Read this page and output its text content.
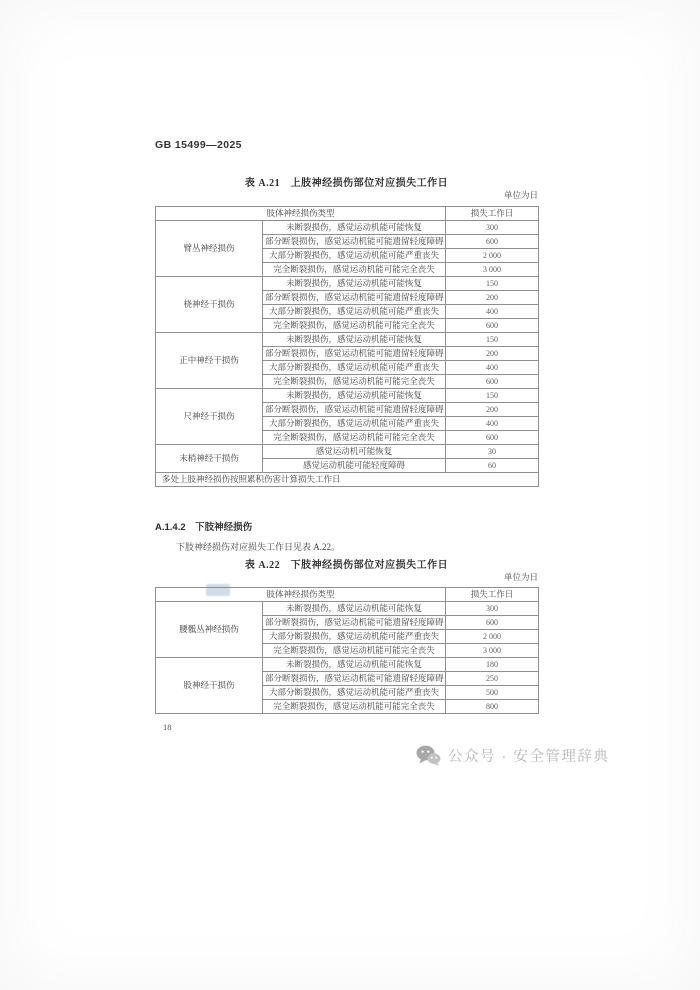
GB 15499—2025
表 A.21　上肢神经损伤部位对应损失工作日
单位为日
肢体神经损伤类型		损失工作日
臂丛神经损伤	未断裂损伤，感觉运动机能可能恢复	300
	部分断裂损伤，感觉运动机能可能遗留轻度障碍	600
	大部分断裂损伤，感觉运动机能可能严重丧失	2 000
	完全断裂损伤，感觉运动机能可能完全丧失	3 000
桡神经干损伤	未断裂损伤，感觉运动机能可能恢复	150
	部分断裂损伤，感觉运动机能可能遗留轻度障碍	200
	大部分断裂损伤，感觉运动机能可能严重丧失	400
	完全断裂损伤，感觉运动机能可能完全丧失	600
正中神经干损伤	未断裂损伤，感觉运动机能可能恢复	150
	部分断裂损伤，感觉运动机能可能遗留轻度障碍	200
	大部分断裂损伤，感觉运动机能可能严重丧失	400
	完全断裂损伤，感觉运动机能可能完全丧失	600
尺神经干损伤	未断裂损伤，感觉运动机能可能恢复	150
	部分断裂损伤，感觉运动机能可能遗留轻度障碍	200
	大部分断裂损伤，感觉运动机能可能严重丧失	400
	完全断裂损伤，感觉运动机能可能完全丧失	600
末梢神经干损伤	感觉运动机可能恢复	30
	感觉运动机能可能轻度障碍	60
多处上肢神经损伤按照累积伤害计算损失工作日		
A.1.4.2　下肢神经损伤
下肢神经损伤对应损失工作日见表 A.22。
表 A.22　下肢神经损伤部位对应损失工作日
单位为日
肢体神经损伤类型		损失工作日
腰骶丛神经损伤	未断裂损伤，感觉运动机能可能恢复	300
	部分断裂损伤，感觉运动机能可能遗留轻度障碍	600
	大部分断裂损伤，感觉运动机能可能严重丧失	2 000
	完全断裂损伤，感觉运动机能可能完全丧失	3 000
股神经干损伤	未断裂损伤，感觉运动机能可能恢复	180
	部分断裂损伤，感觉运动机能可能遗留轻度障碍	250
	大部分断裂损伤，感觉运动机能可能严重丧失	500
	完全断裂损伤，感觉运动机能可能完全丧失	800
18
公众号 · 安全管理辞典
